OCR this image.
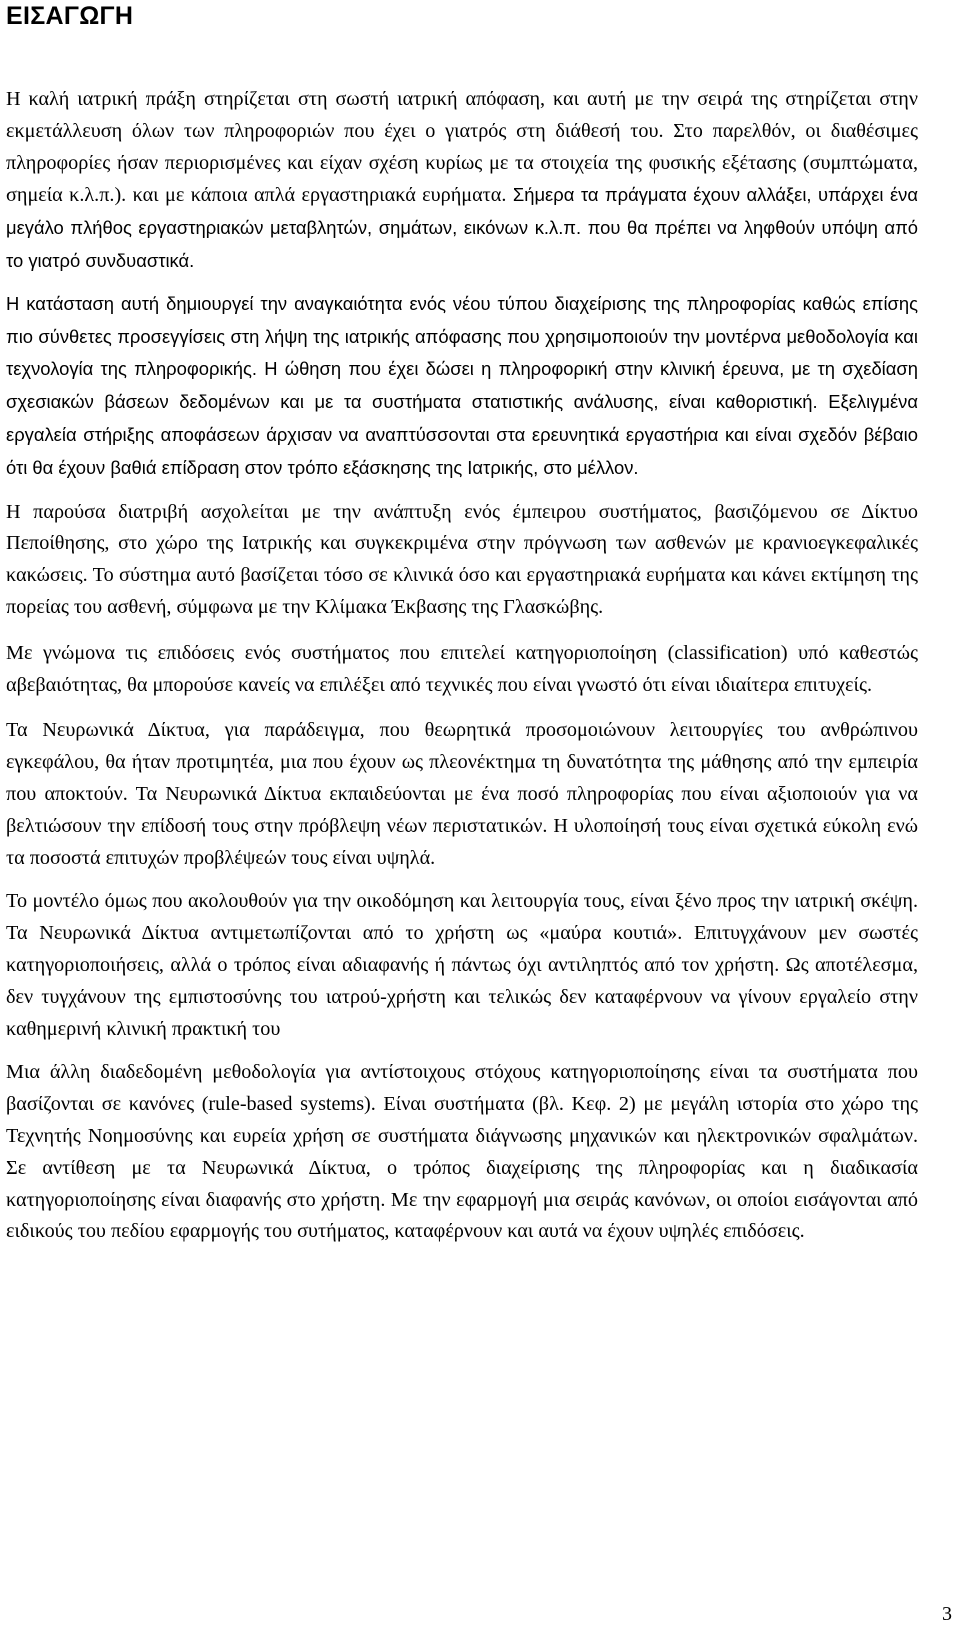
ΕΙΣΑΓΩΓΗ

Η καλή ιατρική πράξη στηρίζεται στη σωστή ιατρική απόφαση, και αυτή με την σειρά της στηρίζεται στην εκμετάλλευση όλων των πληροφοριών που έχει ο γιατρός στη διάθεσή του. Στο παρελθόν, οι διαθέσιμες πληροφορίες ήσαν περιορισμένες και είχαν σχέση κυρίως με τα στοιχεία της φυσικής εξέτασης (συμπτώματα, σημεία κ.λ.π.). και με κάποια απλά εργαστηριακά ευρήματα. Σήμερα τα πράγματα έχουν αλλάξει, υπάρχει ένα μεγάλο πλήθος εργαστηριακών μεταβλητών, σημάτων, εικόνων κ.λ.π. που θα πρέπει να ληφθούν υπόψη από το γιατρό συνδυαστικά.

Η κατάσταση αυτή δημιουργεί την αναγκαιότητα ενός νέου τύπου διαχείρισης της πληροφορίας καθώς επίσης πιο σύνθετες προσεγγίσεις στη λήψη της ιατρικής απόφασης που χρησιμοποιούν την μοντέρνα μεθοδολογία και τεχνολογία της πληροφορικής. Η ώθηση που έχει δώσει η πληροφορική στην κλινική έρευνα, με τη σχεδίαση σχεσιακών βάσεων δεδομένων και με τα συστήματα στατιστικής ανάλυσης, είναι καθοριστική. Εξελιγμένα εργαλεία στήριξης αποφάσεων άρχισαν να αναπτύσσονται στα ερευνητικά εργαστήρια και είναι σχεδόν βέβαιο ότι θα έχουν βαθιά επίδραση στον τρόπο εξάσκησης της Ιατρικής, στο μέλλον.

Η παρούσα διατριβή ασχολείται με την ανάπτυξη ενός έμπειρου συστήματος, βασιζόμενου σε Δίκτυο Πεποίθησης, στο χώρο της Ιατρικής και συγκεκριμένα στην πρόγνωση των ασθενών με κρανιοεγκεφαλικές κακώσεις. Το σύστημα αυτό βασίζεται τόσο σε κλινικά όσο και εργαστηριακά ευρήματα και κάνει εκτίμηση της πορείας του ασθενή, σύμφωνα με την Κλίμακα Έκβασης της Γλασκώβης.

Με γνώμονα τις επιδόσεις ενός συστήματος που επιτελεί κατηγοριοποίηση (classification) υπό καθεστώς αβεβαιότητας, θα μπορούσε κανείς να επιλέξει από τεχνικές που είναι γνωστό ότι είναι ιδιαίτερα επιτυχείς.

Τα Νευρωνικά Δίκτυα, για παράδειγμα, που θεωρητικά προσομοιώνουν λειτουργίες του ανθρώπινου εγκεφάλου, θα ήταν προτιμητέα, μια που έχουν ως πλεονέκτημα τη δυνατότητα της μάθησης από την εμπειρία που αποκτούν. Τα Νευρωνικά Δίκτυα εκπαιδεύονται με ένα ποσό πληροφορίας που είναι αξιοποιούν για να βελτιώσουν την επίδοσή τους στην πρόβλεψη νέων περιστατικών. Η υλοποίησή τους είναι σχετικά εύκολη ενώ τα ποσοστά επιτυχών προβλέψεών τους είναι υψηλά.

Το μοντέλο όμως που ακολουθούν για την οικοδόμηση και λειτουργία τους, είναι ξένο προς την ιατρική σκέψη. Τα Νευρωνικά Δίκτυα αντιμετωπίζονται από το χρήστη ως «μαύρα κουτιά». Επιτυγχάνουν μεν σωστές κατηγοριοποιήσεις, αλλά ο τρόπος είναι αδιαφανής ή πάντως όχι αντιληπτός από τον χρήστη. Ως αποτέλεσμα, δεν τυγχάνουν της εμπιστοσύνης του ιατρού-χρήστη και τελικώς δεν καταφέρνουν να γίνουν εργαλείο στην καθημερινή κλινική πρακτική του

Μια άλλη διαδεδομένη μεθοδολογία για αντίστοιχους στόχους κατηγοριοποίησης είναι τα συστήματα που βασίζονται σε κανόνες (rule-based systems). Είναι συστήματα (βλ. Κεφ. 2) με μεγάλη ιστορία στο χώρο της Τεχνητής Νοημοσύνης και ευρεία χρήση σε συστήματα διάγνωσης μηχανικών και ηλεκτρονικών σφαλμάτων. Σε αντίθεση με τα Νευρωνικά Δίκτυα, ο τρόπος διαχείρισης της πληροφορίας και η διαδικασία κατηγοριοποίησης είναι διαφανής στο χρήστη. Με την εφαρμογή μια σειράς κανόνων, οι οποίοι εισάγονται από ειδικούς του πεδίου εφαρμογής του συτήματος, καταφέρνουν και αυτά να έχουν υψηλές επιδόσεις.

3
